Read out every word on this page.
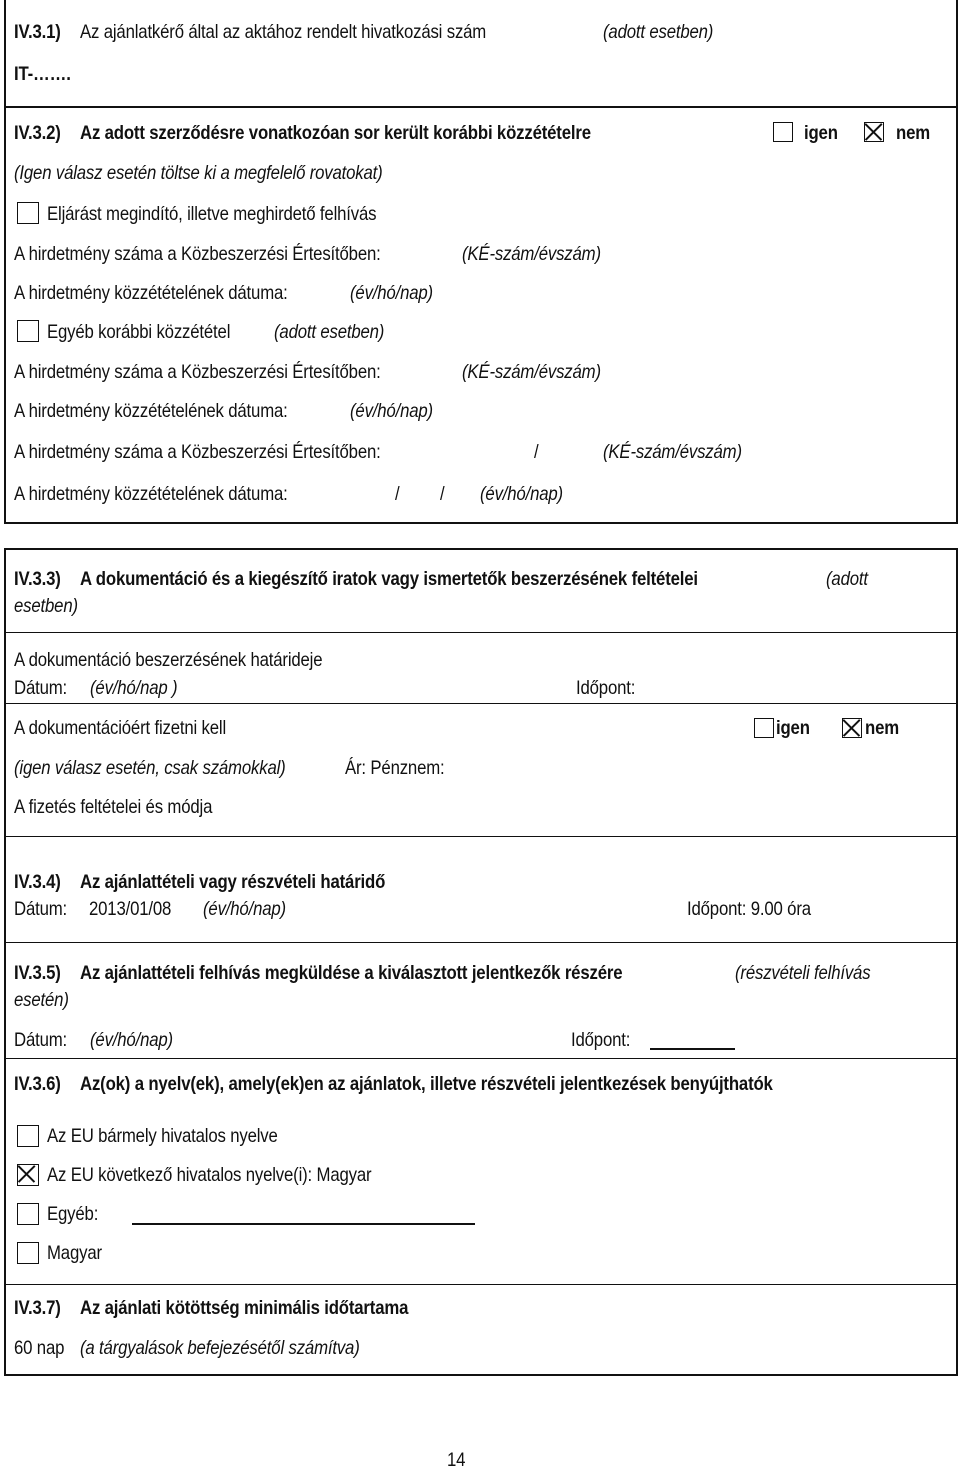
IV.3.1) Az ajánlatkérő által az aktához rendelt hivatkozási szám	(adott esetben)
IT-…….
IV.3.2) Az adott szerződésre vonatkozóan sor került korábbi közzétételre	igen	nem
(Igen válasz esetén töltse ki a megfelelő rovatokat)
Eljárást megindító, illetve meghirdető felhívás
A hirdetmény száma a Közbeszerzési Értesítőben:	(KÉ-szám/évszám)
A hirdetmény közzétételének dátuma:	(év/hó/nap)
Egyéb korábbi közzététel (adott esetben)
A hirdetmény száma a Közbeszerzési Értesítőben:	(KÉ-szám/évszám)
A hirdetmény közzétételének dátuma:	(év/hó/nap)
A hirdetmény száma a Közbeszerzési Értesítőben:	/	(KÉ-szám/évszám)
A hirdetmény közzétételének dátuma:	/ / (év/hó/nap)
IV.3.3) A dokumentáció és a kiegészítő iratok vagy ismertetők beszerzésének feltételei	(adott
esetben)
A dokumentáció beszerzésének határideje
Dátum: (év/hó/nap )	Időpont:
A dokumentációért fizetni kell	igen	nem
(igen válasz esetén, csak számokkal)	Ár: Pénznem:
A fizetés feltételei és módja
IV.3.4) Az ajánlattételi vagy részvételi határidő
Dátum: 2013/01/08 (év/hó/nap)	Időpont: 9.00 óra
IV.3.5) Az ajánlattételi felhívás megküldése a kiválasztott jelentkezők részére	(részvételi felhívás
esetén)
Dátum: (év/hó/nap)	Időpont:
IV.3.6) Az(ok) a nyelv(ek), amely(ek)en az ajánlatok, illetve részvételi jelentkezések benyújthatók
Az EU bármely hivatalos nyelve
Az EU következő hivatalos nyelve(i): Magyar
Egyéb:
Magyar
IV.3.7) Az ajánlati kötöttség minimális időtartama
60 nap (a tárgyalások befejezésétől számítva)
14
